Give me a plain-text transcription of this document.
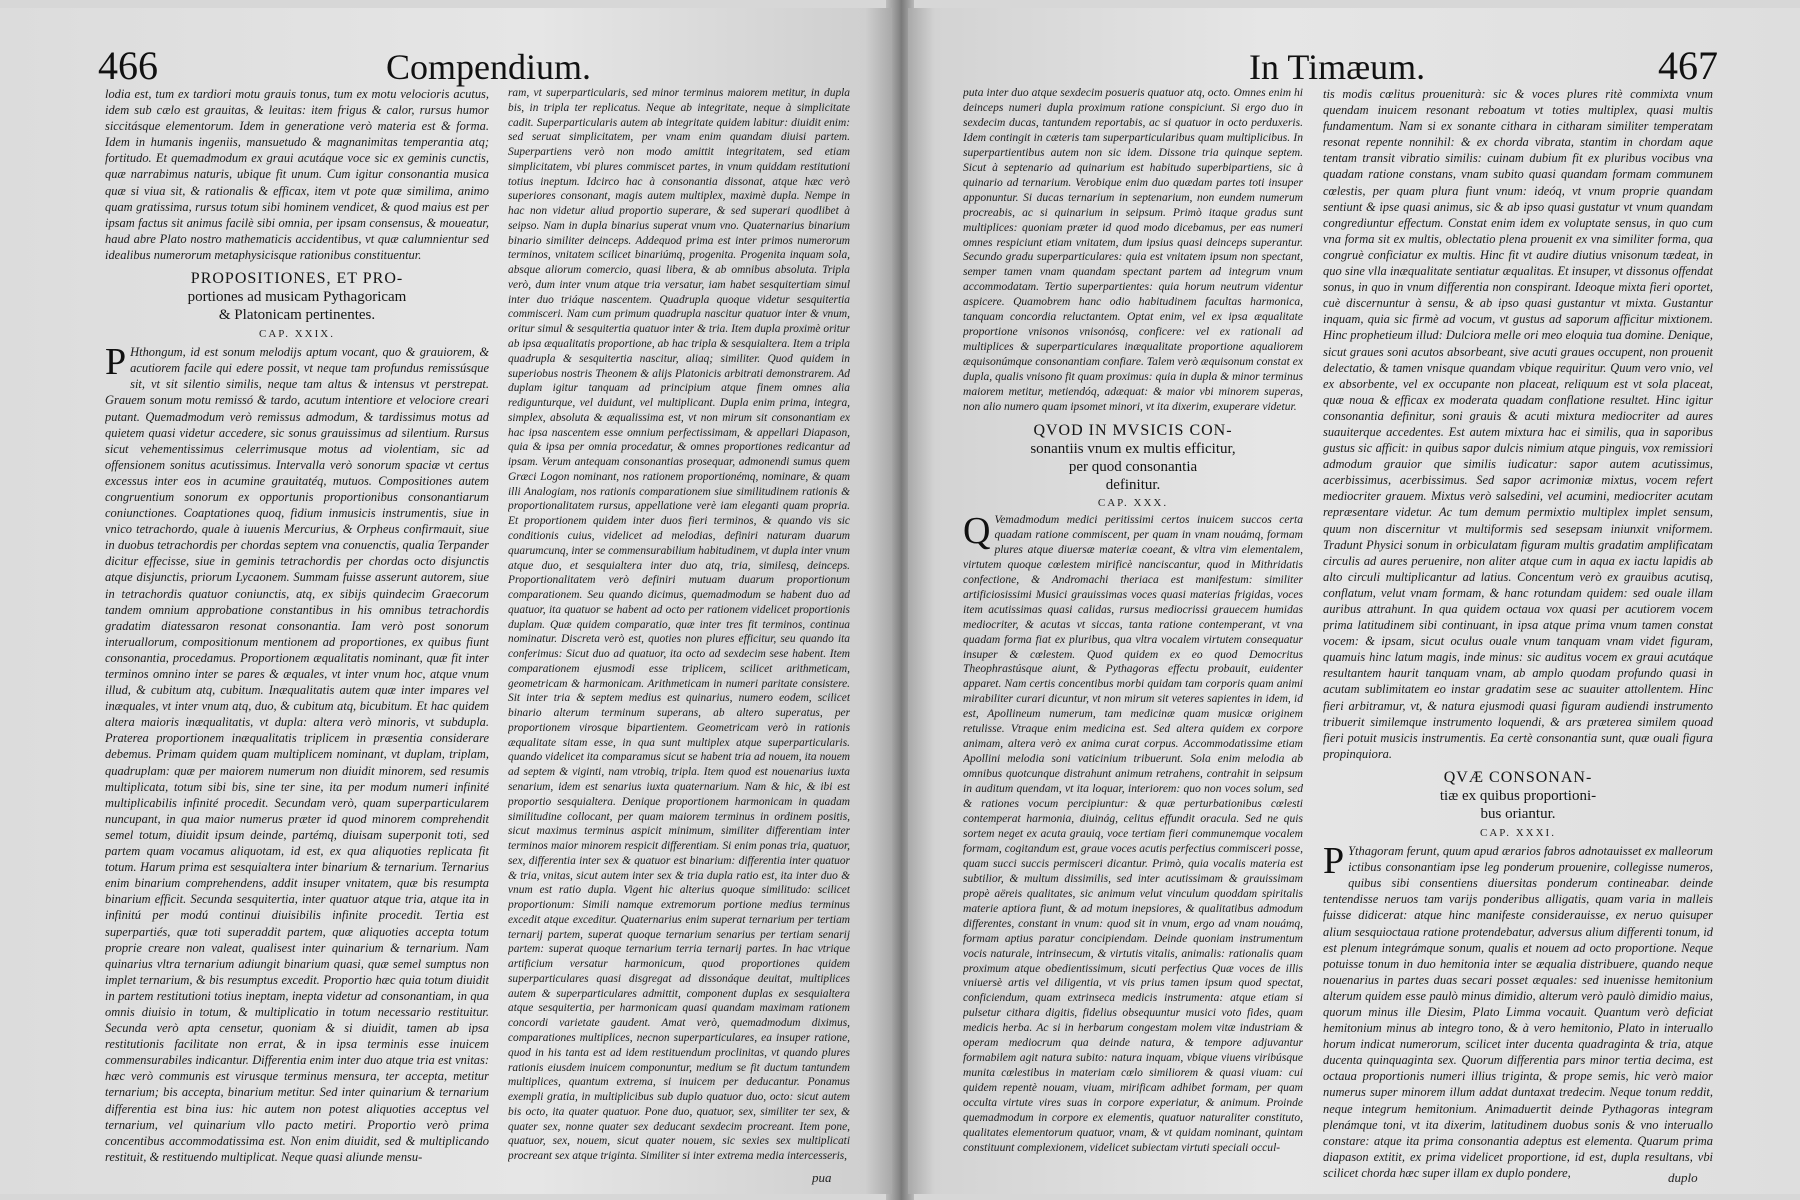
466	Compendium.

lodia est, tum ex tardiori motu grauis tonus, tum ex motu velocioris acutus, idem sub cælo est grauitas, & leuitas: item frigus & calor, rursus humor siccitásque elementorum. Idem in generatione verò materia est & forma. Idem in humanis ingeniis, mansuetudo & magnanimitas temperantia atq; fortitudo. Et quemadmodum ex graui acutáque voce sic ex geminis cunctis, quæ narrabimus naturis, ubique fit unum. Cum igitur consonantia musica quæ si viua sit, & rationalis & efficax, item vt pote quæ similima, animo quam gratissima, rursus totum sibi hominem vendicet, & quod maius est per ipsam factus sit animus facilè sibi omnia, per ipsam consensus, & moueatur, haud abre Plato nostro mathematicis accidentibus, vt quæ calumnientur sed idealibus numerorum metaphysicisque rationibus constituentur.

PROPOSITIONES, ET PRO-
portiones ad musicam Pythagoricam
& Platonicam pertinentes.
CAP. XXIX.

P Hthongum, id est sonum melodijs aptum vocant, quo & grauiorem, & acutiorem facile qui edere possit, vt neque tam profundus remissúsque sit, vt sit silentio similis, neque tam altus & intensus vt perstrepat. Grauem sonum motu remissó & tardo, acutum intentiore et velociore creari putant. Quemadmodum verò remissus admodum, & tardissimus motus ad quietem quasi videtur accedere, sic sonus grauissimus ad silentium. Rursus sicut vehementissimus celerrimusque motus ad violentiam, sic ad offensionem sonitus acutissimus. Intervalla verò sonorum spaciæ vt certus excessus inter eos in acumine grauitatéq, mutuos. Compositiones autem congruentium sonorum ex opportunis proportionibus consonantiarum coniunctiones. Coaptationes quoq, fidium inmusicis instrumentis, siue in vnico tetrachordo, quale à iuuenis Mercurius, & Orpheus confirmauit, siue in duobus tetrachordis per chordas septem vna conuenctis, qualia Terpander dicitur effecisse, siue in geminis tetrachordis per chordas octo disjunctis atque disjunctis, priorum Lycaonem. Summam fuisse asserunt autorem, siue in tetrachordis quatuor coniunctis, atq, ex sibijs quindecim Graecorum tandem omnium approbatione constantibus in his omnibus tetrachordis gradatim diatessaron resonat consonantia. Iam verò post sonorum interuallorum, compositionum mentionem ad proportiones, ex quibus fiunt consonantia, procedamus. Proportionem æqualitatis nominant, quæ fit inter terminos omnino inter se pares & æquales, vt inter vnum hoc, atque vnum illud, & cubitum atq, cubitum. Inæqualitatis autem quæ inter impares vel inæquales, vt inter vnum atq, duo, & cubitum atq, bicubitum. Et hac quidem altera maioris inæqualitatis, vt dupla: altera verò minoris, vt subdupla. Praterea proportionem inæqualitatis triplicem in præsentia considerare debemus. Primam quidem quam multiplicem nominant, vt duplam, triplam, quadruplam: quæ per maiorem numerum non diuidit minorem, sed resumis multiplicata, totum sibi bis, sine ter sine, ita per modum numeri infinité multiplicabilis infinité procedit. Secundam verò, quam superparticularem nuncupant, in qua maior numerus præter id quod minorem comprehendit semel totum, diuidit ipsum deinde, partémq, diuisam superponit toti, sed partem quam vocamus aliquotam, id est, ex qua aliquoties replicata fit totum. Harum prima est sesquialtera inter binarium & ternarium. Ternarius enim binarium comprehendens, addit insuper vnitatem, quæ bis resumpta binarium efficit. Secunda sesquitertia, inter quatuor atque tria, atque ita in infinitú per modú continui diuisibilis infinite procedit. Tertia est superpartiés, quæ toti superaddit partem, quæ aliquoties accepta totum proprie creare non valeat, qualisest inter quinarium & ternarium. Nam quinarius vltra ternarium adiungit binarium quasi, quæ semel sumptus non implet ternarium, & bis resumptus excedit. Proportio hæc quia totum diuidit in partem restitutioni totius ineptam, inepta videtur ad consonantiam, in qua omnis diuisio in totum, & multiplicatio in totum necessario restituitur. Secunda verò apta censetur, quoniam & si diuidit, tamen ab ipsa restitutionis facilitate non errat, & in ipsa terminis esse inuicem commensurabiles indicantur. Differentia enim inter duo atque tria est vnitas: hæc verò communis est virusque terminus mensura, ter accepta, metitur ternarium; bis accepta, binarium metitur. Sed inter quinarium & ternarium differentia est bina ius: hic autem non potest aliquoties acceptus vel ternarium, vel quinarium vllo pacto metiri. Proportio verò prima concentibus accommodatissima est. Non enim diuidit, sed & multiplicando restituit, & restituendo multiplicat. Neque quasi aliunde mensu-

ram, vt superparticularis, sed minor terminus maiorem metitur, in dupla bis, in tripla ter replicatus. Neque ab integritate, neque à simplicitate cadit. Superparticularis autem ab integritate quidem labitur: diuidit enim: sed seruat simplicitatem, per vnam enim quandam diuisi partem. Superpartiens verò non modo amittit integritatem, sed etiam simplicitatem, vbi plures commiscet partes, in vnum quiddam restitutioni totius ineptum. Idcirco hac à consonantia dissonat, atque hæc verò superiores consonant, magis autem multiplex, maximè dupla. Nempe in hac non videtur aliud proportio superare, & sed superari quodlibet à seipso. Nam in dupla binarius superat vnum vno. Quaternarius binarium binario similiter deinceps. Addequod prima est inter primos numerorum terminos, vnitatem scilicet binariúmq, progenita. Progenita inquam sola, absque aliorum comercio, quasi libera, & ab omnibus absoluta. Tripla verò, dum inter vnum atque tria versatur, iam habet sesquitertiam simul inter duo triáque nascentem. Quadrupla quoque videtur sesquitertia commisceri. Nam cum primum quadrupla nascitur quatuor inter & vnum, oritur simul & sesquitertia quatuor inter & tria. Item dupla proximè oritur ab ipsa æqualitatis proportione, ab hac tripla & sesquialtera. Item a tripla quadrupla & sesquitertia nascitur, aliaq; similiter. Quod quidem in superiobus nostris Theonem & alijs Platonicis arbitrati demonstrarem. Ad duplam igitur tanquam ad principium atque finem omnes alia redigunturque, vel duidunt, vel multiplicant. Dupla enim prima, integra, simplex, absoluta & æqualissima est, vt non mirum sit consonantiam ex hac ipsa nascentem esse omnium perfectissimam, & appellari Diapason, quia & ipsa per omnia procedatur, & omnes proportiones redicantur ad ipsam. Verum antequam consonantias prosequar, admonendi sumus quem Græci Logon nominant, nos rationem proportionémq, nominare, & quam illi Analogiam, nos rationis comparationem siue similitudinem rationis & proportionalitatem rursus, appellatione verè iam eleganti quam propria. Et proportionem quidem inter duos fieri terminos, & quando vis sic conditionis cuius, videlicet ad melodias, definiri naturam duarum quarumcunq, inter se commensurabilium habitudinem, vt dupla inter vnum atque duo, et sesquialtera inter duo atq, tria, similesq, deinceps. Proportionalitatem verò definiri mutuam duarum proportionum comparationem. Seu quando dicimus, quemadmodum se habent duo ad quatuor, ita quatuor se habent ad octo per rationem videlicet proportionis duplam. Quæ quidem comparatio, quæ inter tres fit terminos, continua nominatur. Discreta verò est, quoties non plures efficitur, seu quando ita conferimus: Sicut duo ad quatuor, ita octo ad sexdecim sese habent. Item comparationem ejusmodi esse triplicem, scilicet arithmeticam, geometricam & harmonicam. Arithmeticam in numeri paritate consistere. Sit inter tria & septem medius est quinarius, numero eodem, scilicet binario alterum terminum superans, ab altero superatus, per proportionem virosque bipartientem. Geometricam verò in rationis æqualitate sitam esse, in qua sunt multiplex atque superparticularis. quando videlicet ita comparamus sicut se habent tria ad nouem, ita nouem ad septem & viginti, nam vtrobiq, tripla. Item quod est nouenarius iuxta senarium, idem est senarius iuxta quaternarium. Nam & hic, & ibi est proportio sesquialtera. Denique proportionem harmonicam in quadam similitudine collocant, per quam maiorem terminus in ordinem positis, sicut maximus terminus aspicit minimum, similiter differentiam inter terminos maior minorem respicit differentiam. Si enim ponas tria, quatuor, sex, differentia inter sex & quatuor est binarium: differentia inter quatuor & tria, vnitas, sicut autem inter sex & tria dupla ratio est, ita inter duo & vnum est ratio dupla. Vigent hic alterius quoque similitudo: scilicet proportionum: Simili namque extremorum portione medius terminus excedit atque exceditur. Quaternarius enim superat ternarium per tertiam ternarij partem, superat quoque ternarium senarius per tertiam senarij partem: superat quoque ternarium terria ternarij partes. In hac vtrique artificium versatur harmonicum, quod proportiones quidem superparticulares quasi disgregat ad dissonáque deuitat, multiplices autem & superparticulares admittit, component duplas ex sesquialtera atque sesquitertia, per harmonicam quasi quandam maximam rationem concordi varietate gaudent. Amat verò, quemadmodum diximus, comparationes multiplices, necnon superparticulares, ea insuper ratione, quod in his tanta est ad idem restituendum proclinitas, vt quando plures rationis eiusdem inuicem componuntur, medium se fit ductum tantundem multiplices, quantum extrema, si inuicem per deducantur. Ponamus exempli gratia, in multiplicibus sub duplo quatuor duo, octo: sicut autem bis octo, ita quater quatuor. Pone duo, quatuor, sex, similiter ter sex, & quater sex, nonne quater sex deducant sexdecim procreant. Item pone, quatuor, sex, nouem, sicut quater nouem, sic sexies sex multiplicati procreant sex atque triginta. Similiter si inter extrema media intercesseris,

pua
In Timæum.	467

puta inter duo atque sexdecim posueris quatuor atq, octo. Omnes enim hi deinceps numeri dupla proximum ratione conspiciunt. Si ergo duo in sexdecim ducas, tantundem reportabis, ac si quatuor in octo perduxeris. Idem contingit in cæteris tam superparticularibus quam multiplicibus. In superpartientibus autem non sic idem. Dissone tria quinque septem. Sicut à septenario ad quinarium est habitudo superbipartiens, sic à quinario ad ternarium. Verobique enim duo quædam partes toti insuper apponuntur. Si ducas ternarium in septenarium, non eundem numerum procreabis, ac si quinarium in seipsum. Primò itaque gradus sunt multiplices: quoniam præter id quod modo dicebamus, per eas numeri omnes respiciunt etiam vnitatem, dum ipsius quasi deinceps superantur. Secundo gradu superparticulares: quia est vnitatem ipsum non spectant, semper tamen vnam quandam spectant partem ad integrum vnum accommodatam. Tertio superpartientes: quia horum neutrum videntur aspicere. Quamobrem hanc odio habitudinem facultas harmonica, tanquam concordia reluctantem. Optat enim, vel ex ipsa æqualitate proportione vnisonos vnisonósq, conficere: vel ex rationali ad multiplices & superparticulares inæqualitate proportione aqualiorem æquisonúmque consonantiam confiare. Talem verò æquisonum constat ex dupla, qualis vnisono fit quam proximus: quia in dupla & minor terminus maiorem metitur, metiendóq, adæquat: & maior vbi minorem superas, non alio numero quam ipsomet minori, vt ita dixerim, exuperare videtur.

QVOD IN MVSICIS CON-
sonantiis vnum ex multis efficitur,
per quod consonantia
definitur.
CAP. XXX.

Q Vemadmodum medici peritissimi certos inuicem succos certa quadam ratione commiscent, per quam in vnam nouámq, formam plures atque diuersæ materiæ coeant, & vltra vim elementalem, virtutem quoque cœlestem mirificè nanciscantur, quod in Mithridatis confectione, & Andromachi theriaca est manifestum: similiter artificiosissimi Musici grauissimas voces quasi materias frigidas, voces item acutissimas quasi calidas, rursus mediocrissi grauecem humidas mediocriter, & acutas vt siccas, tanta ratione contemperant, vt vna quadam forma fiat ex pluribus, qua vltra vocalem virtutem consequatur insuper & cœlestem. Quod quidem ex eo quod Democritus Theophrastúsque aiunt, & Pythagoras effectu probauit, euidenter apparet. Nam certis concentibus morbi quidam tam corporis quam animi mirabiliter curari dicuntur, vt non mirum sit veteres sapientes in idem, id est, Apollineum numerum, tam medicinæ quam musicæ originem retulisse. Vtraque enim medicina est. Sed altera quidem ex corpore animam, altera verò ex anima curat corpus. Accommodatissime etiam Apollini melodia soni vaticinium tribuerunt. Sola enim melodia ab omnibus quotcunque distrahunt animum retrahens, contrahit in seipsum in auditum quendam, vt ita loquar, interiorem: quo non voces solum, sed & rationes vocum percipiuntur: & quæ perturbationibus cœlesti contemperat harmonia, diuinág, celitus effundit oracula. Sed ne quis sortem neget ex acuta grauiq, voce tertiam fieri communemque vocalem formam, cogitandum est, graue voces acutis perfectius commisceri posse, quam succi succis permisceri dicantur. Primò, quia vocalis materia est subtilior, & multum dissimilis, sed inter acutissimam & grauissimam propè aëreis qualitates, sic animum velut vinculum quoddam spiritalis materie aptiora fiunt, & ad motum inepsiores, & qualitatibus admodum differentes, constant in vnum: quod sit in vnum, ergo ad vnam nouámq, formam aptius paratur concipiendam. Deinde quoniam instrumentum vocis naturale, intrinsecum, & virtutis vitalis, animalis: rationalis quam proximum atque obedientissimum, sicuti perfectius Quæ voces de illis vniuersè artis vel diligentia, vt vis prius tamen ipsum quod spectat, conficiendum, quam extrinseca medicis instrumenta: atque etiam si pulsetur cithara digitis, fidelius obsequuntur musici voto fides, quam medicis herba. Ac si in herbarum congestam molem vitæ industriam & operam mediocrum qua deinde natura, & tempore adjuvantur formabilem agit natura subito: natura inquam, vbique viuens viribúsque munita cœlestibus in materiam cœlo similiorem & quasi viuam: cui quidem repentè nouam, viuam, mirificam adhibet formam, per quam occulta virtute vires suas in corpore experiatur, & animum. Proinde quemadmodum in corpore ex elementis, quatuor naturaliter constituto, qualitates elementorum quatuor, vnam, & vt quidam nominant, quintam constituunt complexionem, videlicet subiectam virtuti speciali occul-

tis modis cœlitus proueniturà: sic & voces plures ritè commixta vnum quendam inuicem resonant reboatum vt toties multiplex, quasi multis fundamentum. Nam si ex sonante cithara in citharam similiter temperatam resonat repente nonnihil: & ex chorda vibrata, stantim in chordam aque tentam transit vibratio similis: cuinam dubium fit ex pluribus vocibus vna quadam ratione constans, vnam subito quasi quandam formam communem cœlestis, per quam plura fiunt vnum: ideóq, vt vnum proprie quandam sentiunt & ipse quasi animus, sic & ab ipso quasi gustatur vt vnum quandam congrediuntur effectum. Constat enim idem ex voluptate sensus, in quo cum vna forma sit ex multis, oblectatio plena prouenit ex vna similiter forma, qua congruè conficiatur ex multis. Hinc fit vt audire diutius vnisonum tædeat, in quo sine vlla inæqualitate sentiatur æqualitas. Et insuper, vt dissonus offendat sonus, in quo in vnum differentia non conspirant. Ideoque mixta fieri oportet, cuè discernuntur à sensu, & ab ipso quasi gustantur vt mixta. Gustantur inquam, quia sic firmè ad vocum, vt gustus ad saporum afficitur mixtionem. Hinc prophetieum illud: Dulciora melle ori meo eloquia tua domine. Denique, sicut graues soni acutos absorbeant, sive acuti graues occupent, non prouenit delectatio, & tamen vnisque quandam vbique requiritur. Quum vero vnio, vel ex absorbente, vel ex occupante non placeat, reliquum est vt sola placeat, quæ noua & efficax ex moderata quadam conflatione resultet. Hinc igitur consonantia definitur, soni grauis & acuti mixtura mediocriter ad aures suauiterque accedentes. Est autem mixtura hac ei similis, qua in saporibus gustus sic afficit: in quibus sapor dulcis nimium atque pinguis, vox remissiori admodum grauior que similis iudicatur: sapor autem acutissimus, acerbissimus, acerbissimus. Sed sapor acrimoniæ mixtus, vocem refert mediocriter grauem. Mixtus verò salsedini, vel acumini, mediocriter acutam repræsentare videtur. Ac tum demum permixtio multiplex implet sensum, quum non discernitur vt multiformis sed sesepsam iniunxit vniformem. Tradunt Physici sonum in orbiculatam figuram multis gradatim amplificatam circulis ad aures peruenire, non aliter atque cum in aqua ex iactu lapidis ab alto circuli multiplicantur ad latius. Concentum verò ex grauibus acutisq, conflatum, velut vnam formam, & hanc rotundam quidem: sed ouale illam auribus attrahunt. In qua quidem octaua vox quasi per acutiorem vocem prima latitudinem sibi continuant, in ipsa atque prima vnum tamen constat vocem: & ipsam, sicut oculus ouale vnum tanquam vnam videt figuram, quamuis hinc latum magis, inde minus: sic auditus vocem ex graui acutáque resultantem haurit tanquam vnam, ab amplo quodam profundo quasi in acutam sublimitatem eo instar gradatim sese ac suauiter attollentem. Hinc fieri arbitramur, vt, & natura ejusmodi quasi figuram audiendi instrumento tribuerit similemque instrumento loquendi, & ars præterea similem quoad fieri potuit musicis instrumentis. Ea certè consonantia sunt, quæ ouali figura propinquiora.

QVÆ CONSONAN-
tiæ ex quibus proportioni-
bus oriantur.
CAP. XXXI.

P Ythagoram ferunt, quum apud ærarios fabros adnotauisset ex malleorum ictibus consonantiam ipse leg ponderum prouenire, collegisse numeros, quibus sibi consentiens diuersitas ponderum contineabar. deinde tentendisse neruos tam varijs ponderibus alligatis, quam varia in malleis fuisse didicerat: atque hinc manifeste considerauisse, ex neruo quisuper alium sesquioctaua ratione protendebatur, adversus alium differenti tonum, id est plenum integrámque sonum, qualis et nouem ad octo proportione. Neque potuisse tonum in duo hemitonia inter se æqualia distribuere, quando neque nouenarius in partes duas secari posset æquales: sed inuenisse hemitonium alterum quidem esse paulò minus dimidio, alterum verò paulò dimidio maius, quorum minus ille Diesim, Plato Limma vocauit. Quantum verò deficiat hemitonium minus ab integro tono, & à vero hemitonio, Plato in interuallo horum indicat numerorum, scilicet inter ducenta quadraginta & tria, atque ducenta quinquaginta sex. Quorum differentia pars minor tertia decima, est octaua proportionis numeri illius triginta, & prope semis, hic verò maior numerus super minorem illum addat duntaxat tredecim. Neque tonum reddit, neque integrum hemitonium. Animaduertit deinde Pythagoras integram plenámque toni, vt ita dixerim, latitudinem duobus sonis & vno interuallo constare: atque ita prima consonantia adeptus est elementa. Quarum prima diapason extitit, ex prima videlicet proportione, id est, dupla resultans, vbi scilicet chorda hæc super illam ex duplo pondere,	duplo
